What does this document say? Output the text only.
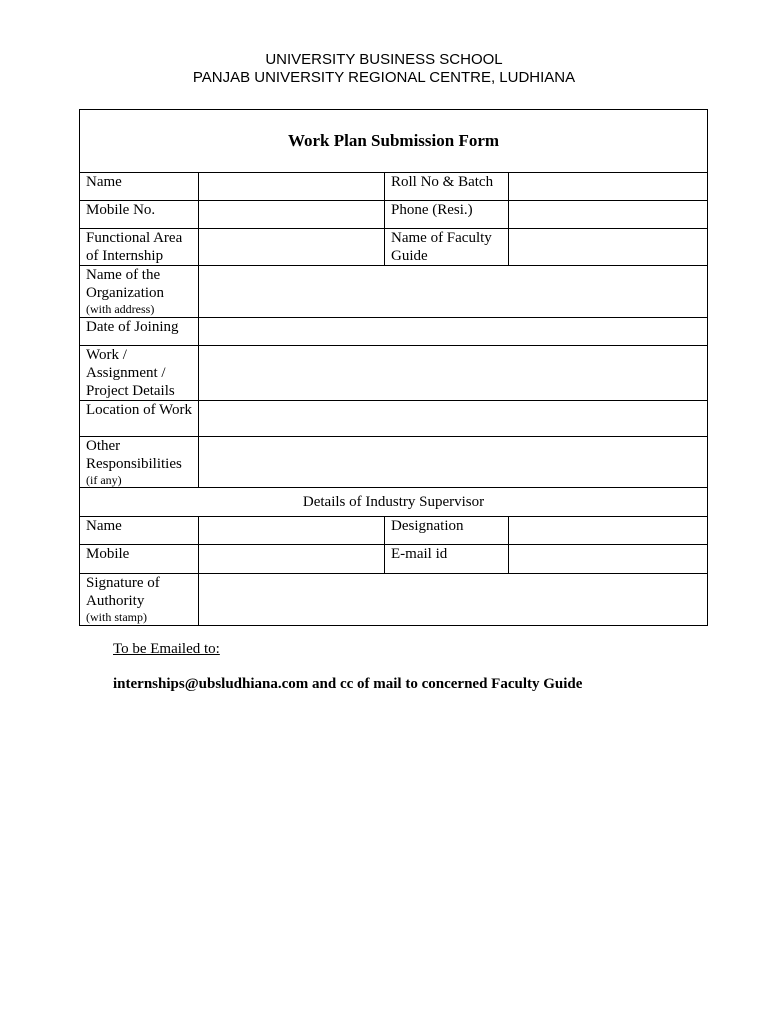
UNIVERSITY BUSINESS SCHOOL
PANJAB UNIVERSITY REGIONAL CENTRE, LUDHIANA
Work Plan Submission Form			
Name		Roll No & Batch	
Mobile No.		Phone (Resi.)	
Functional Area of Internship		Name of Faculty Guide	
Name of the Organization
(with address)			

Date of Joining			
Work / Assignment / Project Details			
Location of Work			
Other Responsibilities
(if any)			

Details of Industry Supervisor			
Name		Designation	
Mobile		E-mail id	
Signature of Authority
(with stamp)			

To be Emailed to:
internships@ubsludhiana.com and cc of mail to concerned Faculty Guide
